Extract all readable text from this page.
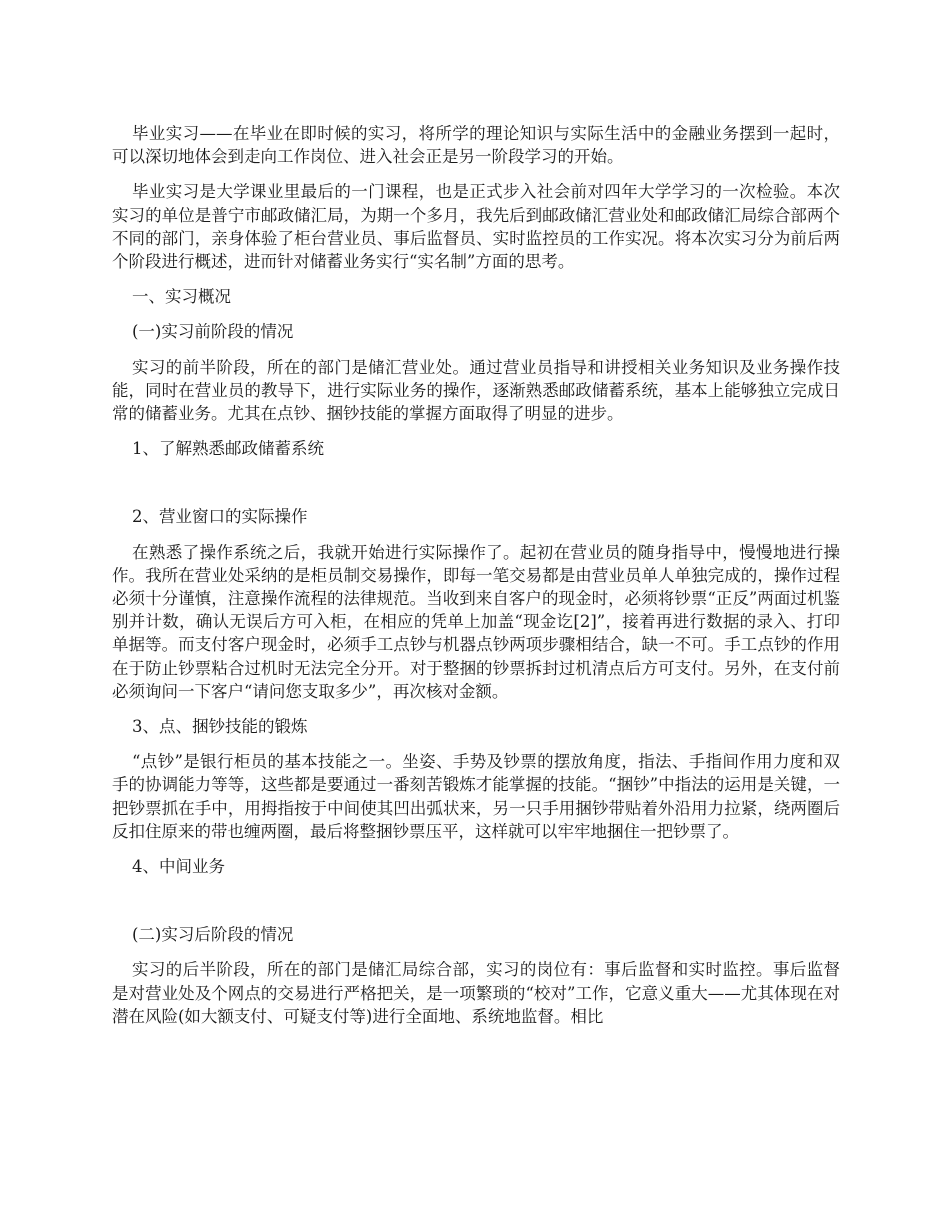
毕业实习——在毕业在即时候的实习，将所学的理论知识与实际生活中的金融业务摆到一起时，可以深切地体会到走向工作岗位、进入社会正是另一阶段学习的开始。

毕业实习是大学课业里最后的一门课程，也是正式步入社会前对四年大学学习的一次检验。本次实习的单位是普宁市邮政储汇局，为期一个多月，我先后到邮政储汇营业处和邮政储汇局综合部两个不同的部门，亲身体验了柜台营业员、事后监督员、实时监控员的工作实况。将本次实习分为前后两个阶段进行概述，进而针对储蓄业务实行“实名制”方面的思考。

一、实习概况

(一)实习前阶段的情况

实习的前半阶段，所在的部门是储汇营业处。通过营业员指导和讲授相关业务知识及业务操作技能，同时在营业员的教导下，进行实际业务的操作，逐渐熟悉邮政储蓄系统，基本上能够独立完成日常的储蓄业务。尤其在点钞、捆钞技能的掌握方面取得了明显的进步。

1、了解熟悉邮政储蓄系统

2、营业窗口的实际操作

在熟悉了操作系统之后，我就开始进行实际操作了。起初在营业员的随身指导中，慢慢地进行操作。我所在营业处采纳的是柜员制交易操作，即每一笔交易都是由营业员单人单独完成的，操作过程必须十分谨慎，注意操作流程的法律规范。当收到来自客户的现金时，必须将钞票“正反”两面过机鉴别并计数，确认无误后方可入柜，在相应的凭单上加盖“现金讫[2]”，接着再进行数据的录入、打印单据等。而支付客户现金时，必须手工点钞与机器点钞两项步骤相结合，缺一不可。手工点钞的作用在于防止钞票粘合过机时无法完全分开。对于整捆的钞票拆封过机清点后方可支付。另外，在支付前必须询问一下客户“请问您支取多少”，再次核对金额。

3、点、捆钞技能的锻炼

“点钞”是银行柜员的基本技能之一。坐姿、手势及钞票的摆放角度，指法、手指间作用力度和双手的协调能力等等，这些都是要通过一番刻苦锻炼才能掌握的技能。“捆钞”中指法的运用是关键，一把钞票抓在手中，用拇指按于中间使其凹出弧状来，另一只手用捆钞带贴着外沿用力拉紧，绕两圈后反扣住原来的带也缠两圈，最后将整捆钞票压平，这样就可以牢牢地捆住一把钞票了。

4、中间业务

(二)实习后阶段的情况

实习的后半阶段，所在的部门是储汇局综合部，实习的岗位有：事后监督和实时监控。事后监督是对营业处及个网点的交易进行严格把关，是一项繁琐的“校对”工作，它意义重大——尤其体现在对潜在风险(如大额支付、可疑支付等)进行全面地、系统地监督。相比
